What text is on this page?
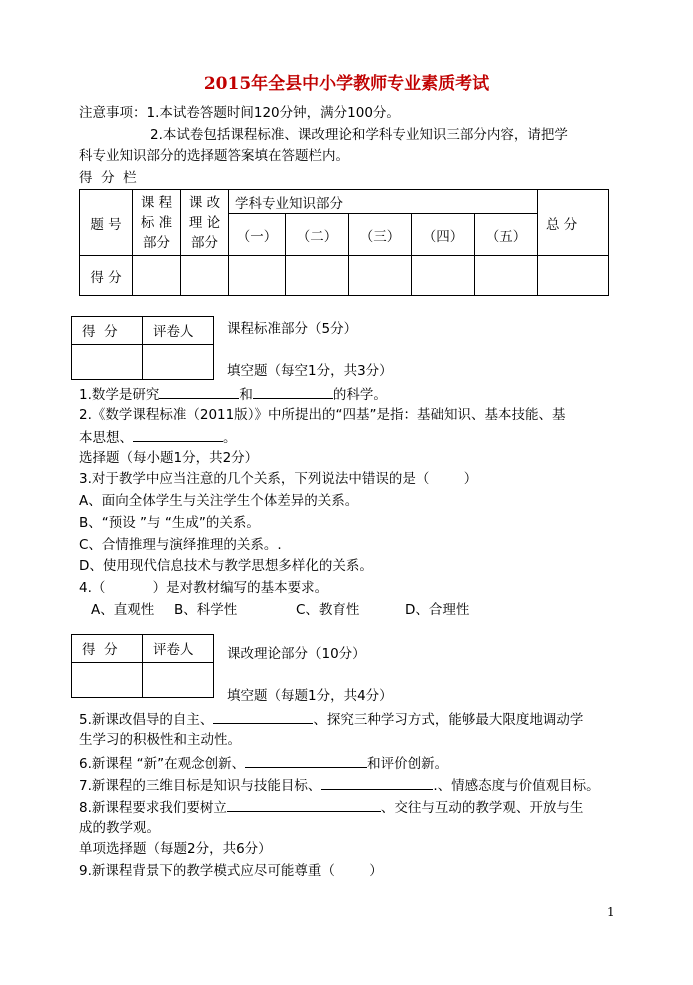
2015年全县中小学教师专业素质考试
注意事项：1.本试卷答题时间120分钟，满分100分。
2.本试卷包括课程标准、课改理论和学科专业知识三部分内容，请把学
科专业知识部分的选择题答案填在答题栏内。
得  分  栏
题 号	课 程 标 准 部分	课 改 理 论 部分	学科专业知识部分					总 分
			（一）	（二）	（三）	（四）	（五）	
得 分								
得  分	评卷人
	课程标准部分（5分）
填空题（每空1分，共3分）
1.数学是研究	和	的科学。
2.《数学课程标准（2011版）》中所提出的“四基”是指：基础知识、基本技能、基
本思想、	。
选择题（每小题1分，共2分）
3.对于教学中应当注意的几个关系，下列说法中错误的是（        ）
A、面向全体学生与关注学生个体差异的关系。
B、“预设 ”与 “生成”的关系。
C、合情推理与演绎推理的关系。.
D、使用现代信息技术与教学思想多样化的关系。
4.（           ）是对教材编写的基本要求。
A、直观性 B、科学性	C、教育性	D、合理性
得  分	评卷人
	课改理论部分（10分）
填空题（每题1分，共4分）
5.新课改倡导的自主、	、探究三种学习方式，能够最大限度地调动学
生学习的积极性和主动性。
6.新课程 “新”在观念创新、	和评价创新。
7.新课程的三维目标是知识与技能目标、	.、情感态度与价值观目标。
8.新课程要求我们要树立	、交往与互动的教学观、开放与生
成的教学观。
单项选择题（每题2分，共6分）
9.新课程背景下的教学模式应尽可能尊重（        ）
1
